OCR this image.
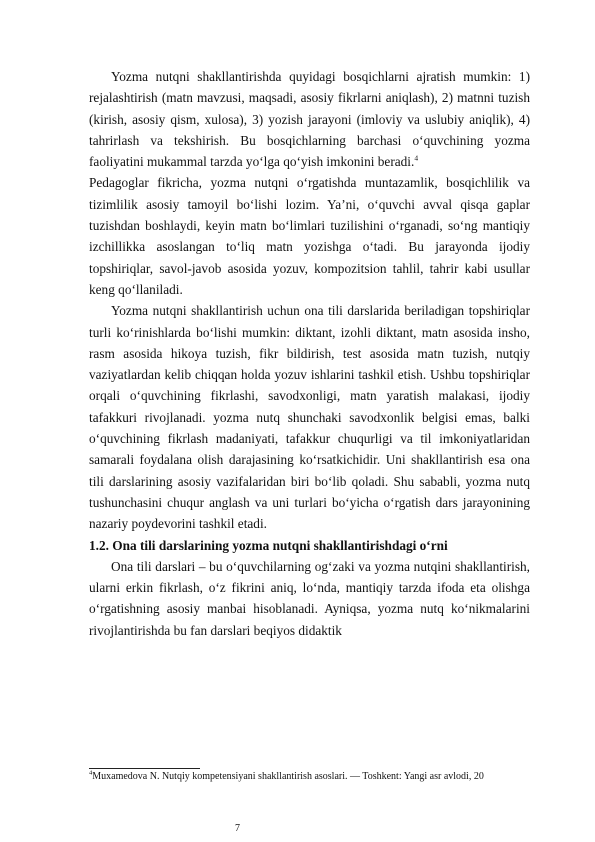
Yozma nutqni shakllantirishda quyidagi bosqichlarni ajratish mumkin: 1) rejalashtirish (matn mavzusi, maqsadi, asosiy fikrlarni aniqlash), 2) matnni tuzish (kirish, asosiy qism, xulosa), 3) yozish jarayoni (imloviy va uslubiy aniqlik), 4) tahrirlash va tekshirish. Bu bosqichlarning barchasi o‘quvchining yozma faoliyatini mukammal tarzda yo‘lga qo‘yish imkonini beradi.$^4$

Pedagoglar fikricha, yozma nutqni o‘rgatishda muntazamlik, bosqichlilik va tizimlilik asosiy tamoyil bo‘lishi lozim. Ya’ni, o‘quvchi avval qisqa gaplar tuzishdan boshlaydi, keyin matn bo‘limlari tuzilishini o‘rganadi, so‘ng mantiqiy izchillikka asoslangan to‘liq matn yozishga o‘tadi. Bu jarayonda ijodiy topshiriqlar, savol-javob asosida yozuv, kompozitsion tahlil, tahrir kabi usullar keng qo‘llaniladi.

Yozma nutqni shakllantirish uchun ona tili darslarida beriladigan topshiriqlar turli ko‘rinishlarda bo‘lishi mumkin: diktant, izohli diktant, matn asosida insho, rasm asosida hikoya tuzish, fikr bildirish, test asosida matn tuzish, nutqiy vaziyatlardan kelib chiqqan holda yozuv ishlarini tashkil etish. Ushbu topshiriqlar orqali o‘quvchining fikrlashi, savodxonligi, matn yaratish malakasi, ijodiy tafakkuri rivojlanadi. yozma nutq shunchaki savodxonlik belgisi emas, balki o‘quvchining fikrlash madaniyati, tafakkur chuqurligi va til imkoniyatlaridan samarali foydalana olish darajasining ko‘rsatkichidir. Uni shakllantirish esa ona tili darslarining asosiy vazifalaridan biri bo‘lib qoladi. Shu sababli, yozma nutq tushunchasini chuqur anglash va uni turlari bo‘yicha o‘rgatish dars jarayonining nazariy poydevorini tashkil etadi.

1.2. Ona tili darslarining yozma nutqni shakllantirishdagi o‘rni

Ona tili darslari – bu o‘quvchilarning og‘zaki va yozma nutqini shakllantirish, ularni erkin fikrlash, o‘z fikrini aniq, lo‘nda, mantiqiy tarzda ifoda eta olishga o‘rgatishning asosiy manbai hisoblanadi. Ayniqsa, yozma nutq ko‘nikmalarini rivojlantirishda bu fan darslari beqiyos didaktik

$^4$Muxamedova N. Nutqiy kompetensiyani shakllantirish asoslari. — Toshkent: Yangi asr avlodi, 20
7
